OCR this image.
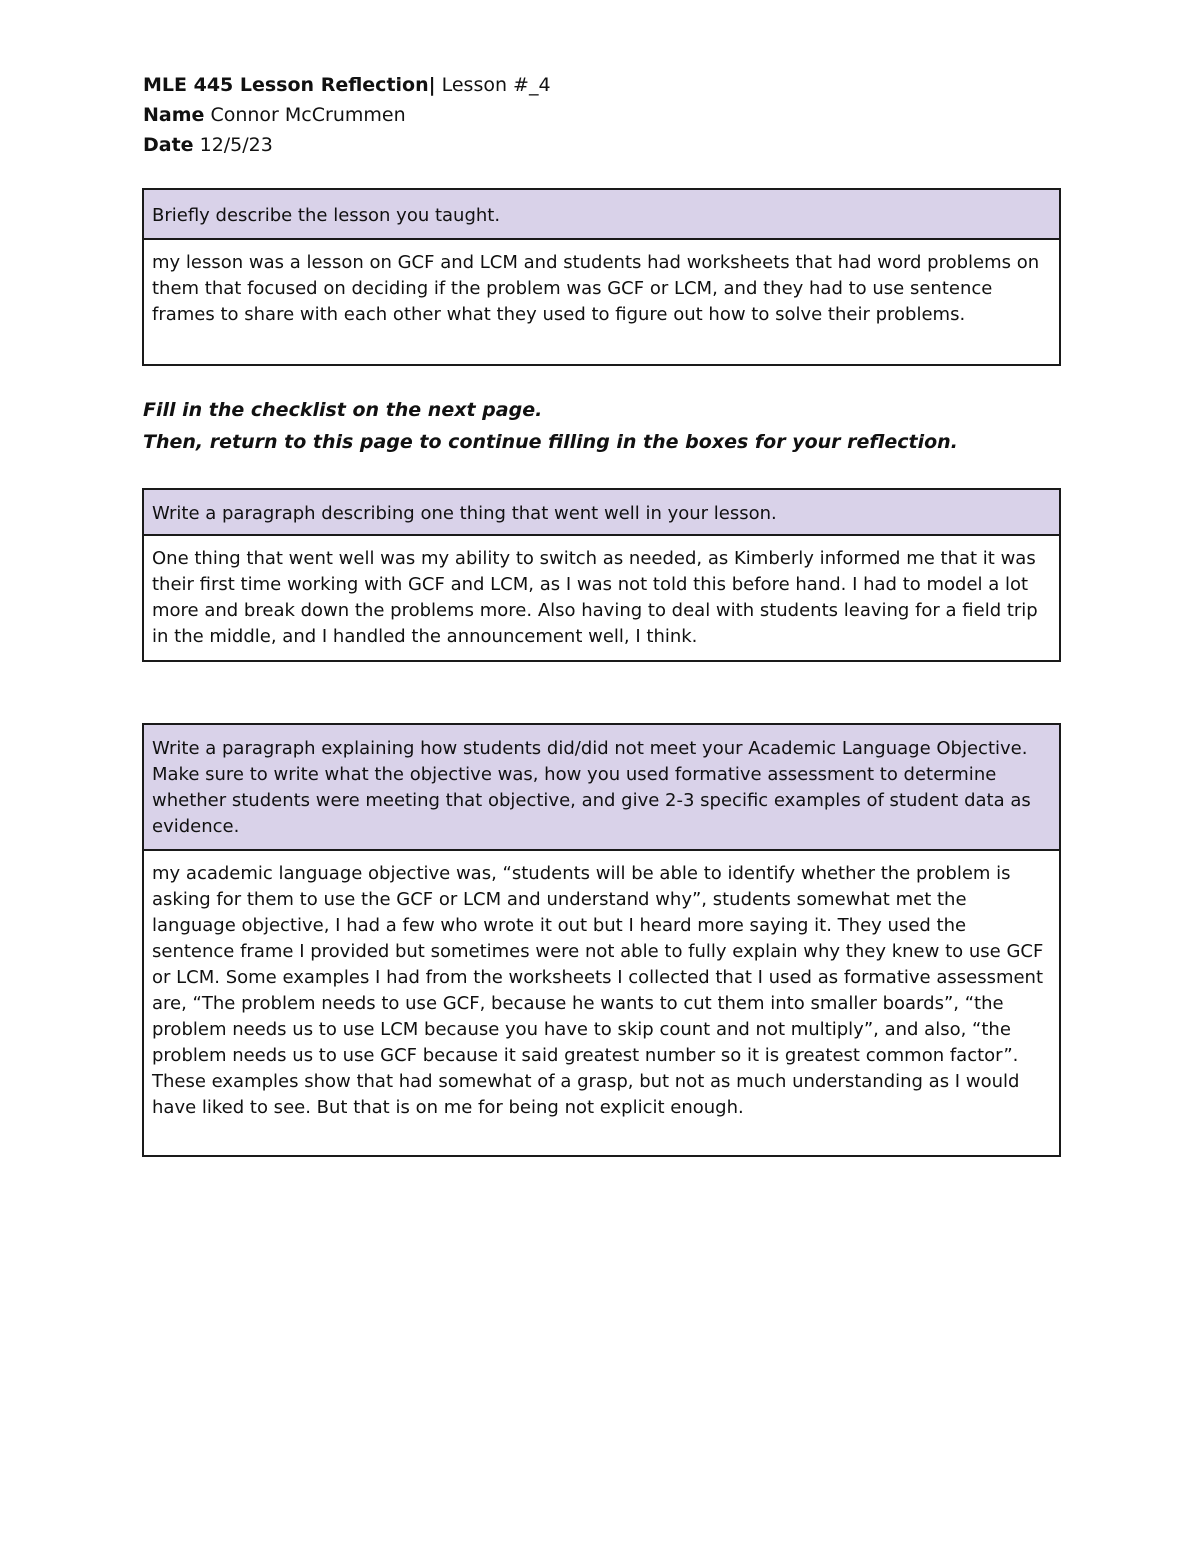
MLE 445 Lesson Reflection| Lesson #_4
Name Connor McCrummen
Date 12/5/23
Briefly describe the lesson you taught.
my lesson was a lesson on GCF and LCM and students had worksheets that had word problems on them that focused on deciding if the problem was GCF or LCM, and they had to use sentence frames to share with each other what they used to figure out how to solve their problems.
Fill in the checklist on the next page.
Then, return to this page to continue filling in the boxes for your reflection.
Write a paragraph describing one thing that went well in your lesson.
One thing that went well was my ability to switch as needed, as Kimberly informed me that it was their first time working with GCF and LCM, as I was not told this before hand. I had to model a lot more and break down the problems more. Also having to deal with students leaving for a field trip in the middle, and I handled the announcement well, I think.
Write a paragraph explaining how students did/did not meet your Academic Language Objective. Make sure to write what the objective was, how you used formative assessment to determine whether students were meeting that objective, and give 2-3 specific examples of student data as evidence.
my academic language objective was, “students will be able to identify whether the problem is asking for them to use the GCF or LCM and understand why”, students somewhat met the language objective, I had a few who wrote it out but I heard more saying it. They used the sentence frame I provided but sometimes were not able to fully explain why they knew to use GCF or LCM. Some examples I had from the worksheets I collected that I used as formative assessment are, “The problem needs to use GCF, because he wants to cut them into smaller boards”, “the problem needs us to use LCM because you have to skip count and not multiply”, and also, “the problem needs us to use GCF because it said greatest number so it is greatest common factor”. These examples show that had somewhat of a grasp, but not as much understanding as I would have liked to see. But that is on me for being not explicit enough.
